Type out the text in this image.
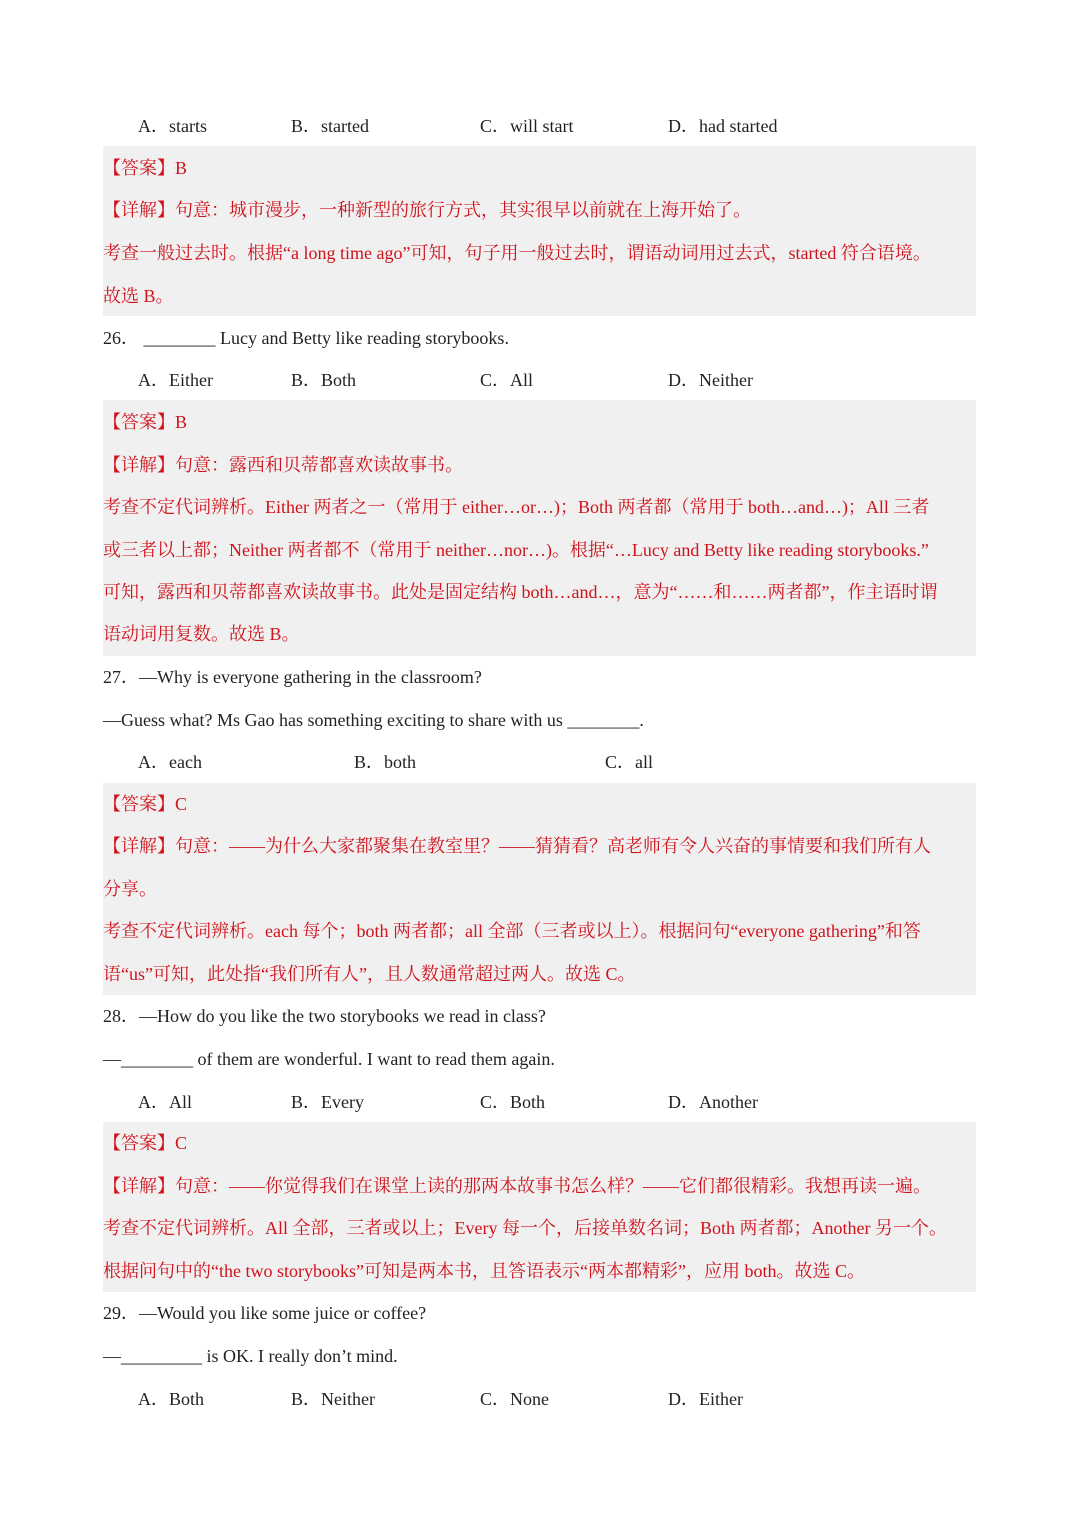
A．starts	B．started	C．will start	D．had started
【答案】B
【详解】句意：城市漫步，一种新型的旅行方式，其实很早以前就在上海开始了。
考查一般过去时。根据“a long time ago”可知，句子用一般过去时，谓语动词用过去式，started 符合语境。
故选 B。
26． ________ Lucy and Betty like reading storybooks.
A．Either	B．Both	C．All	D．Neither
【答案】B
【详解】句意：露西和贝蒂都喜欢读故事书。
考查不定代词辨析。Either 两者之一（常用于 either…or…)；Both 两者都（常用于 both…and…)；All 三者
或三者以上都；Neither 两者都不（常用于 neither…nor…)。根据“…Lucy and Betty like reading storybooks.”
可知，露西和贝蒂都喜欢读故事书。此处是固定结构 both…and…，意为“……和……两者都”，作主语时谓
语动词用复数。故选 B。
27．—Why is everyone gathering in the classroom?
—Guess what? Ms Gao has something exciting to share with us ________.
A．each	B．both	C．all
【答案】C
【详解】句意：——为什么大家都聚集在教室里？——猜猜看？高老师有令人兴奋的事情要和我们所有人
分享。
考查不定代词辨析。each 每个；both 两者都；all 全部（三者或以上）。根据问句“everyone gathering”和答
语“us”可知，此处指“我们所有人”，且人数通常超过两人。故选 C。
28．—How do you like the two storybooks we read in class?
—________ of them are wonderful. I want to read them again.
A．All	B．Every	C．Both	D．Another
【答案】C
【详解】句意：——你觉得我们在课堂上读的那两本故事书怎么样？——它们都很精彩。我想再读一遍。
考查不定代词辨析。All 全部，三者或以上；Every 每一个，后接单数名词；Both 两者都；Another 另一个。
根据问句中的“the two storybooks”可知是两本书，且答语表示“两本都精彩”，应用 both。故选 C。
29．—Would you like some juice or coffee?
—_________ is OK. I really don’t mind.
A．Both	B．Neither	C．None	D．Either
